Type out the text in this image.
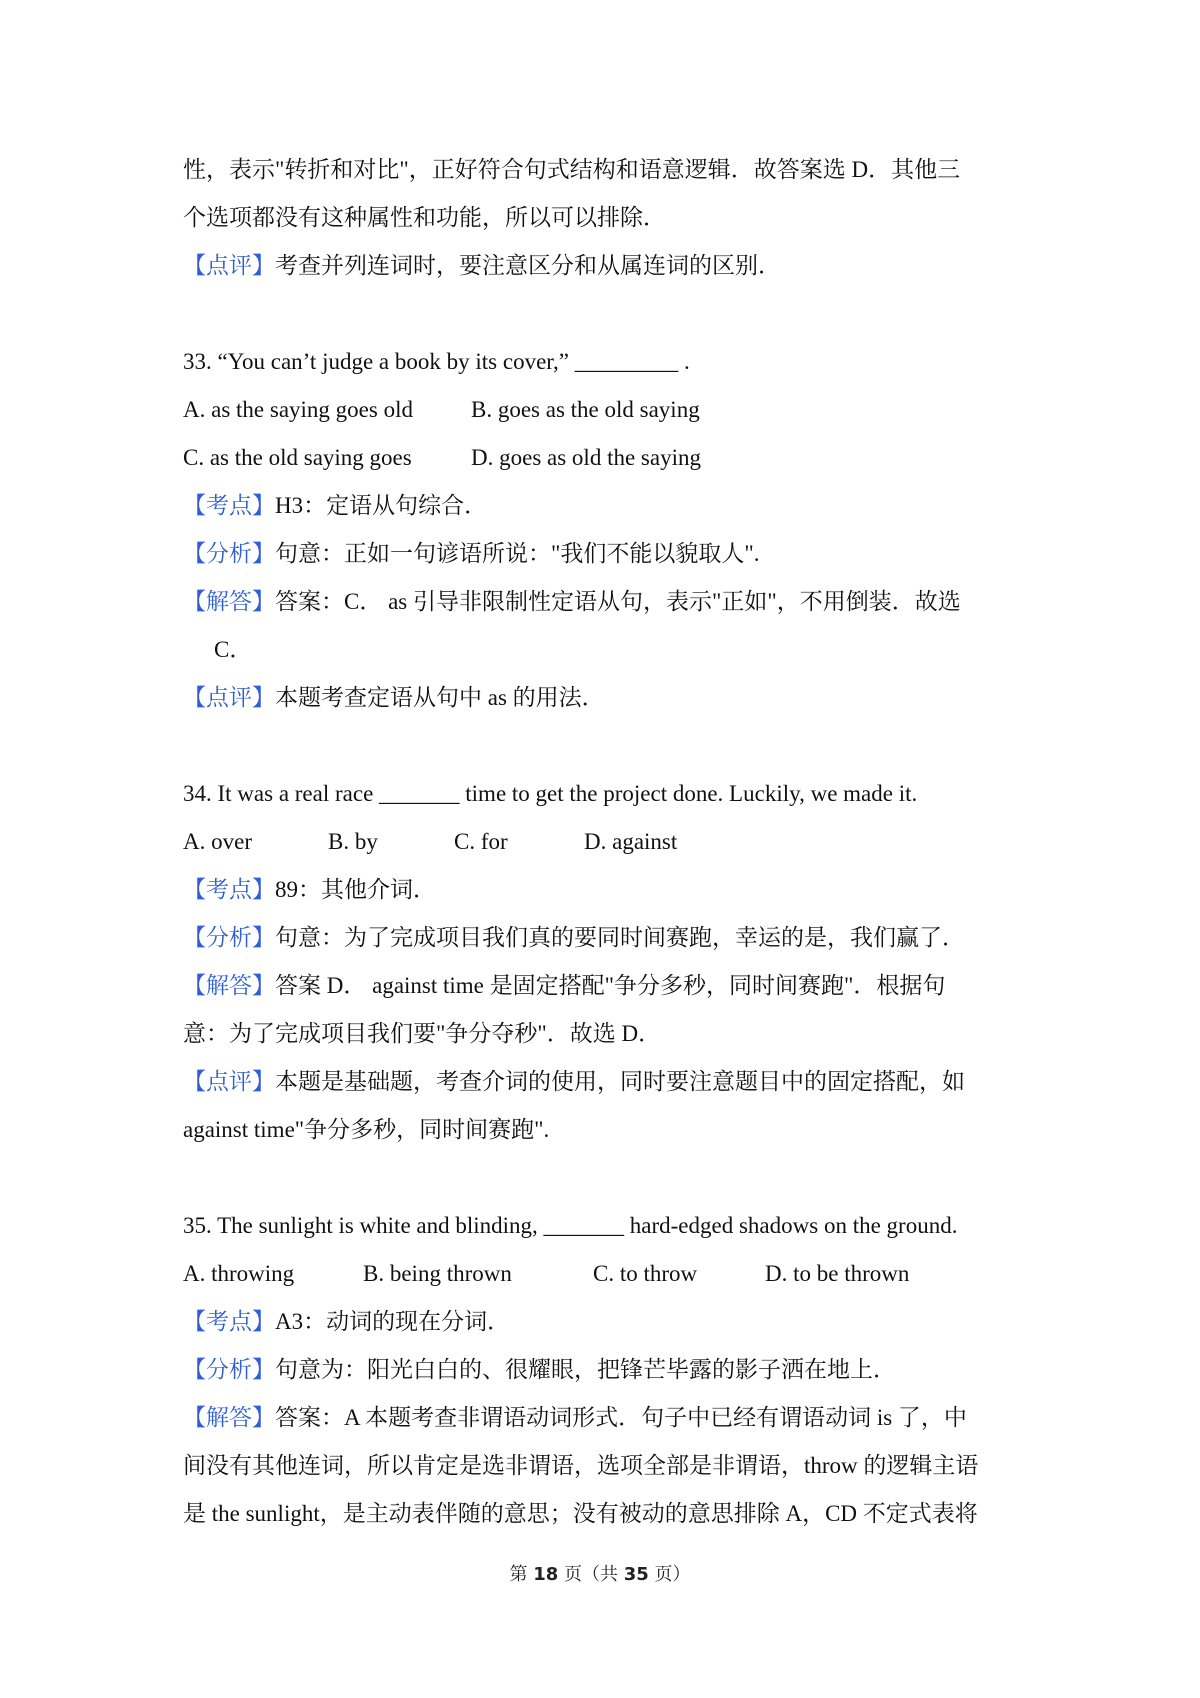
性，表示"转折和对比"，正好符合句式结构和语意逻辑．故答案选 D．其他三
个选项都没有这种属性和功能，所以可以排除．
【点评】考查并列连词时，要注意区分和从属连词的区别．
33. “You can’t judge a book by its cover,” _________ .
A. as the saying goes old	B. goes as the old saying
C. as the old saying goes	D. goes as old the saying
【考点】H3：定语从句综合．
【分析】句意：正如一句谚语所说："我们不能以貌取人".
【解答】答案：C． as 引导非限制性定语从句，表示"正如"，不用倒装．故选
C．
【点评】本题考查定语从句中 as 的用法．
34. It was a real race _______ time to get the project done. Luckily, we made it.
A. over	B. by	C. for	D. against
【考点】89：其他介词．
【分析】句意：为了完成项目我们真的要同时间赛跑，幸运的是，我们赢了．
【解答】答案 D． against time 是固定搭配"争分多秒，同时间赛跑"．根据句
意：为了完成项目我们要"争分夺秒"．故选 D．
【点评】本题是基础题，考查介词的使用，同时要注意题目中的固定搭配，如
against time"争分多秒，同时间赛跑".
35. The sunlight is white and blinding, _______ hard-edged shadows on the ground.
A. throwing	B. being thrown	C. to throw	D. to be thrown
【考点】A3：动词的现在分词．
【分析】句意为：阳光白白的、很耀眼，把锋芒毕露的影子洒在地上．
【解答】答案：A 本题考查非谓语动词形式．句子中已经有谓语动词 is 了，中
间没有其他连词，所以肯定是选非谓语，选项全部是非谓语，throw 的逻辑主语
是 the sunlight，是主动表伴随的意思；没有被动的意思排除 A，CD 不定式表将
第 18 页（共 35 页）
